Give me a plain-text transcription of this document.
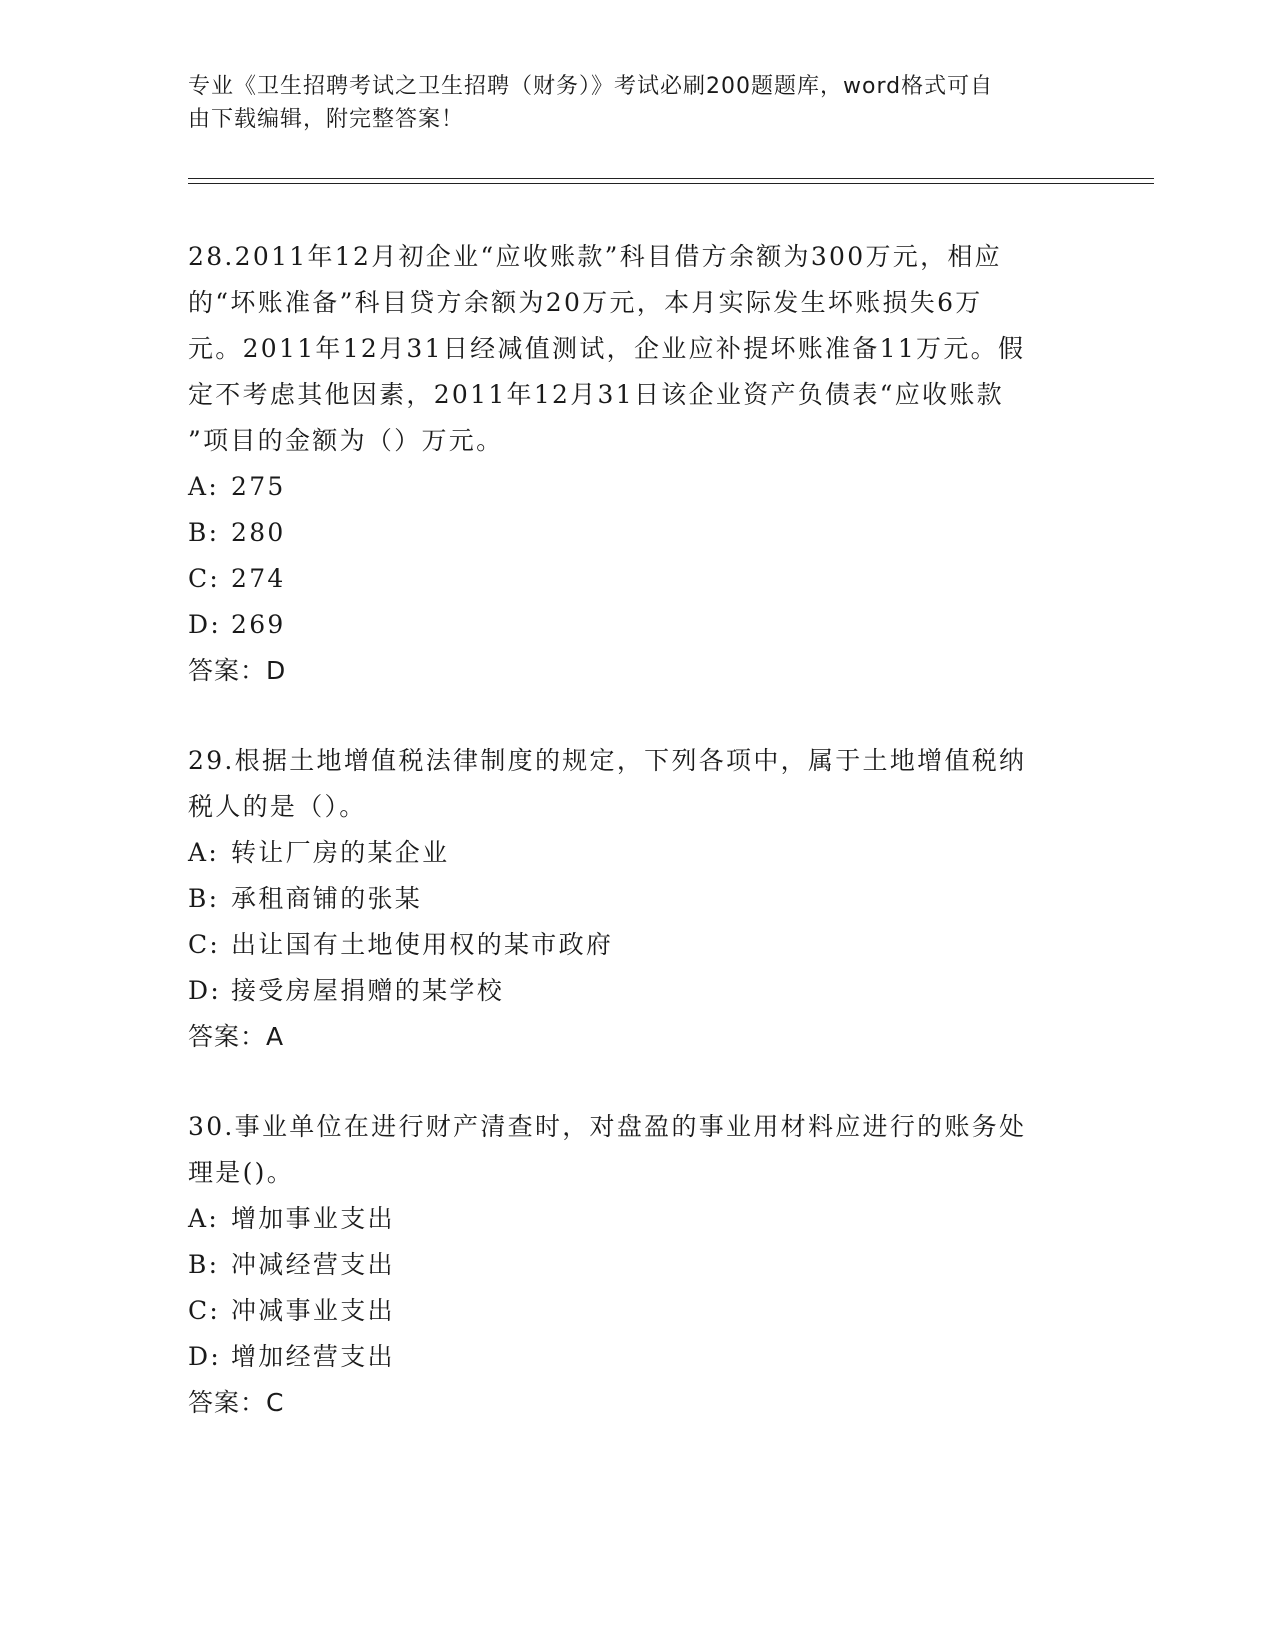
专业《卫生招聘考试之卫生招聘（财务）》考试必刷200题题库，word格式可自
由下载编辑，附完整答案！
28.2011年12月初企业“应收账款”科目借方余额为300万元，相应
的“坏账准备”科目贷方余额为20万元，本月实际发生坏账损失6万
元。2011年12月31日经减值测试，企业应补提坏账准备11万元。假
定不考虑其他因素，2011年12月31日该企业资产负债表“应收账款
”项目的金额为（）万元。
A: 275
B: 280
C: 274
D: 269
答案：D
29.根据土地增值税法律制度的规定，下列各项中，属于土地增值税纳
税人的是（）。
A: 转让厂房的某企业
B: 承租商铺的张某
C: 出让国有土地使用权的某市政府
D: 接受房屋捐赠的某学校
答案：A
30.事业单位在进行财产清查时，对盘盈的事业用材料应进行的账务处
理是()。
A: 增加事业支出
B: 冲减经营支出
C: 冲减事业支出
D: 增加经营支出
答案：C
